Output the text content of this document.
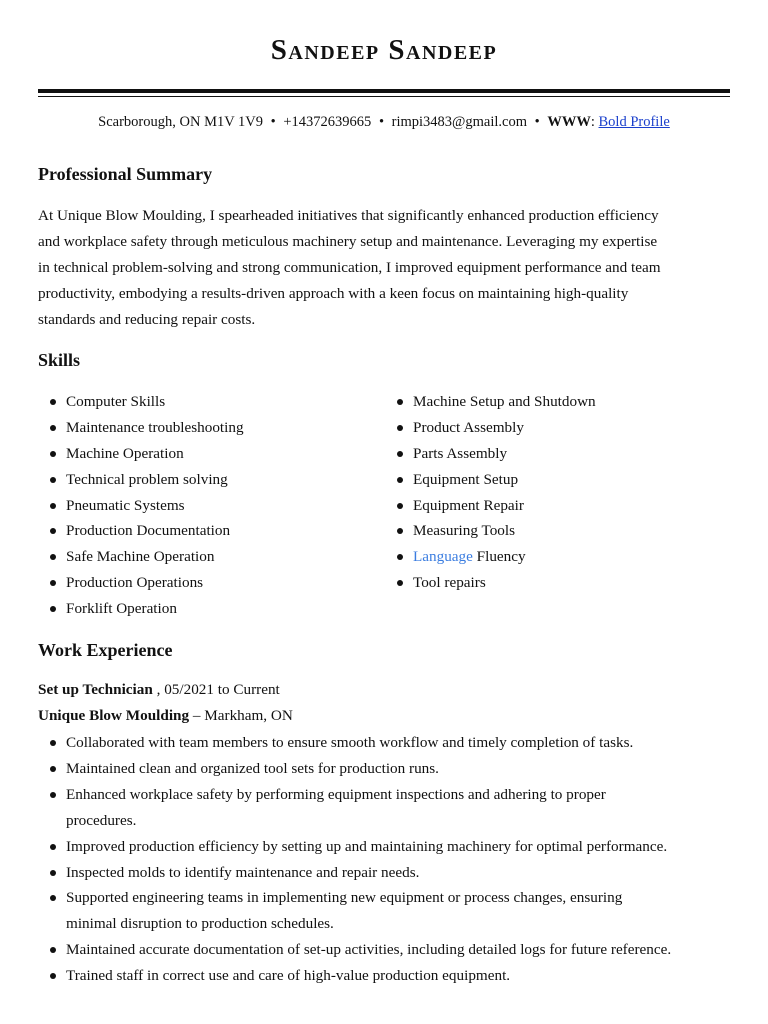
Sandeep Sandeep
Scarborough, ON M1V 1V9 • +14372639665 • rimpi3483@gmail.com • WWW: Bold Profile
Professional Summary
At Unique Blow Moulding, I spearheaded initiatives that significantly enhanced production efficiency
and workplace safety through meticulous machinery setup and maintenance. Leveraging my expertise
in technical problem-solving and strong communication, I improved equipment performance and team
productivity, embodying a results-driven approach with a keen focus on maintaining high-quality
standards and reducing repair costs.
Skills
Computer Skills
Maintenance troubleshooting
Machine Operation
Technical problem solving
Pneumatic Systems
Production Documentation
Safe Machine Operation
Production Operations
Forklift Operation
Machine Setup and Shutdown
Product Assembly
Parts Assembly
Equipment Setup
Equipment Repair
Measuring Tools
Language Fluency
Tool repairs
Work Experience
Set up Technician , 05/2021 to Current
Unique Blow Moulding – Markham, ON
Collaborated with team members to ensure smooth workflow and timely completion of tasks.
Maintained clean and organized tool sets for production runs.
Enhanced workplace safety by performing equipment inspections and adhering to proper
procedures.
Improved production efficiency by setting up and maintaining machinery for optimal performance.
Inspected molds to identify maintenance and repair needs.
Supported engineering teams in implementing new equipment or process changes, ensuring
minimal disruption to production schedules.
Maintained accurate documentation of set-up activities, including detailed logs for future reference.
Trained staff in correct use and care of high-value production equipment.
